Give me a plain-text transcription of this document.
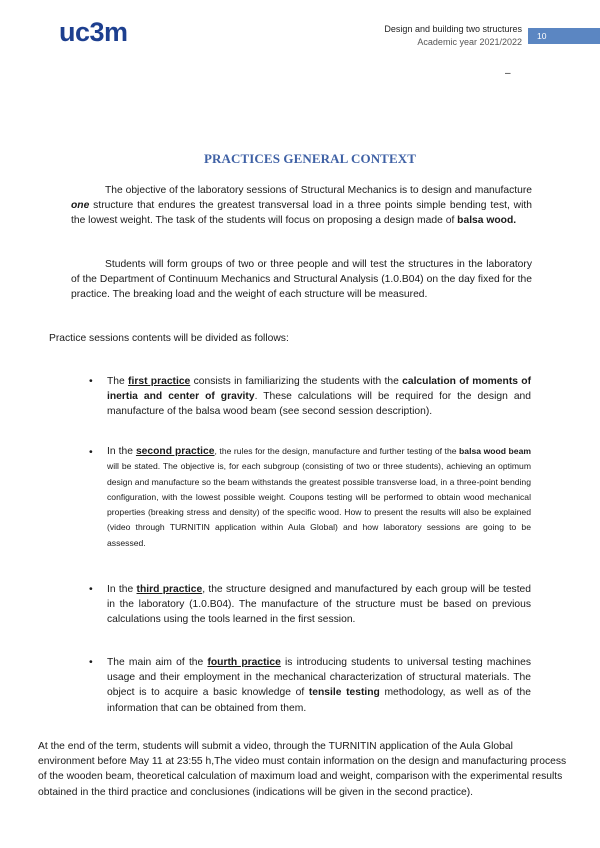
uc3m	Design and building two structures
Academic year 2021/2022
10
–
PRACTICES GENERAL CONTEXT

The objective of the laboratory sessions of Structural Mechanics is to design and manufacture one structure that endures the greatest transversal load in a three points simple bending test, with the lowest weight. The task of the students will focus on proposing a design made of balsa wood.

Students will form groups of two or three people and will test the structures in the laboratory of the Department of Continuum Mechanics and Structural Analysis (1.0.B04) on the day fixed for the practice. The breaking load and the weight of each structure will be measured.

Practice sessions contents will be divided as follows:

• The first practice consists in familiarizing the students with the calculation of moments of inertia and center of gravity. These calculations will be required for the design and manufacture of the balsa wood beam (see second session description).

• In the second practice, the rules for the design, manufacture and further testing of the balsa wood beam will be stated. The objective is, for each subgroup (consisting of two or three students), achieving an optimum design and manufacture so the beam withstands the greatest possible transverse load, in a three-point bending configuration, with the lowest possible weight. Coupons testing will be performed to obtain wood mechanical properties (breaking stress and density) of the specific wood. How to present the results will also be explained (video through TURNITIN application within Aula Global) and how laboratory sessions are going to be assessed.

• In the third practice, the structure designed and manufactured by each group will be tested in the laboratory (1.0.B04). The manufacture of the structure must be based on previous calculations using the tools learned in the first session.

• The main aim of the fourth practice is introducing students to universal testing machines usage and their employment in the mechanical characterization of structural materials. The object is to acquire a basic knowledge of tensile testing methodology, as well as of the information that can be obtained from them.

At the end of the term, students will submit a video, through the TURNITIN application of the Aula Global environment before May 11 at 23:55 h,The video must contain information on the design and manufacturing process of the wooden beam, theoretical calculation of maximum load and weight, comparison with the experimental results obtained in the third practice and conclusiones (indications will be given in the second practice).
